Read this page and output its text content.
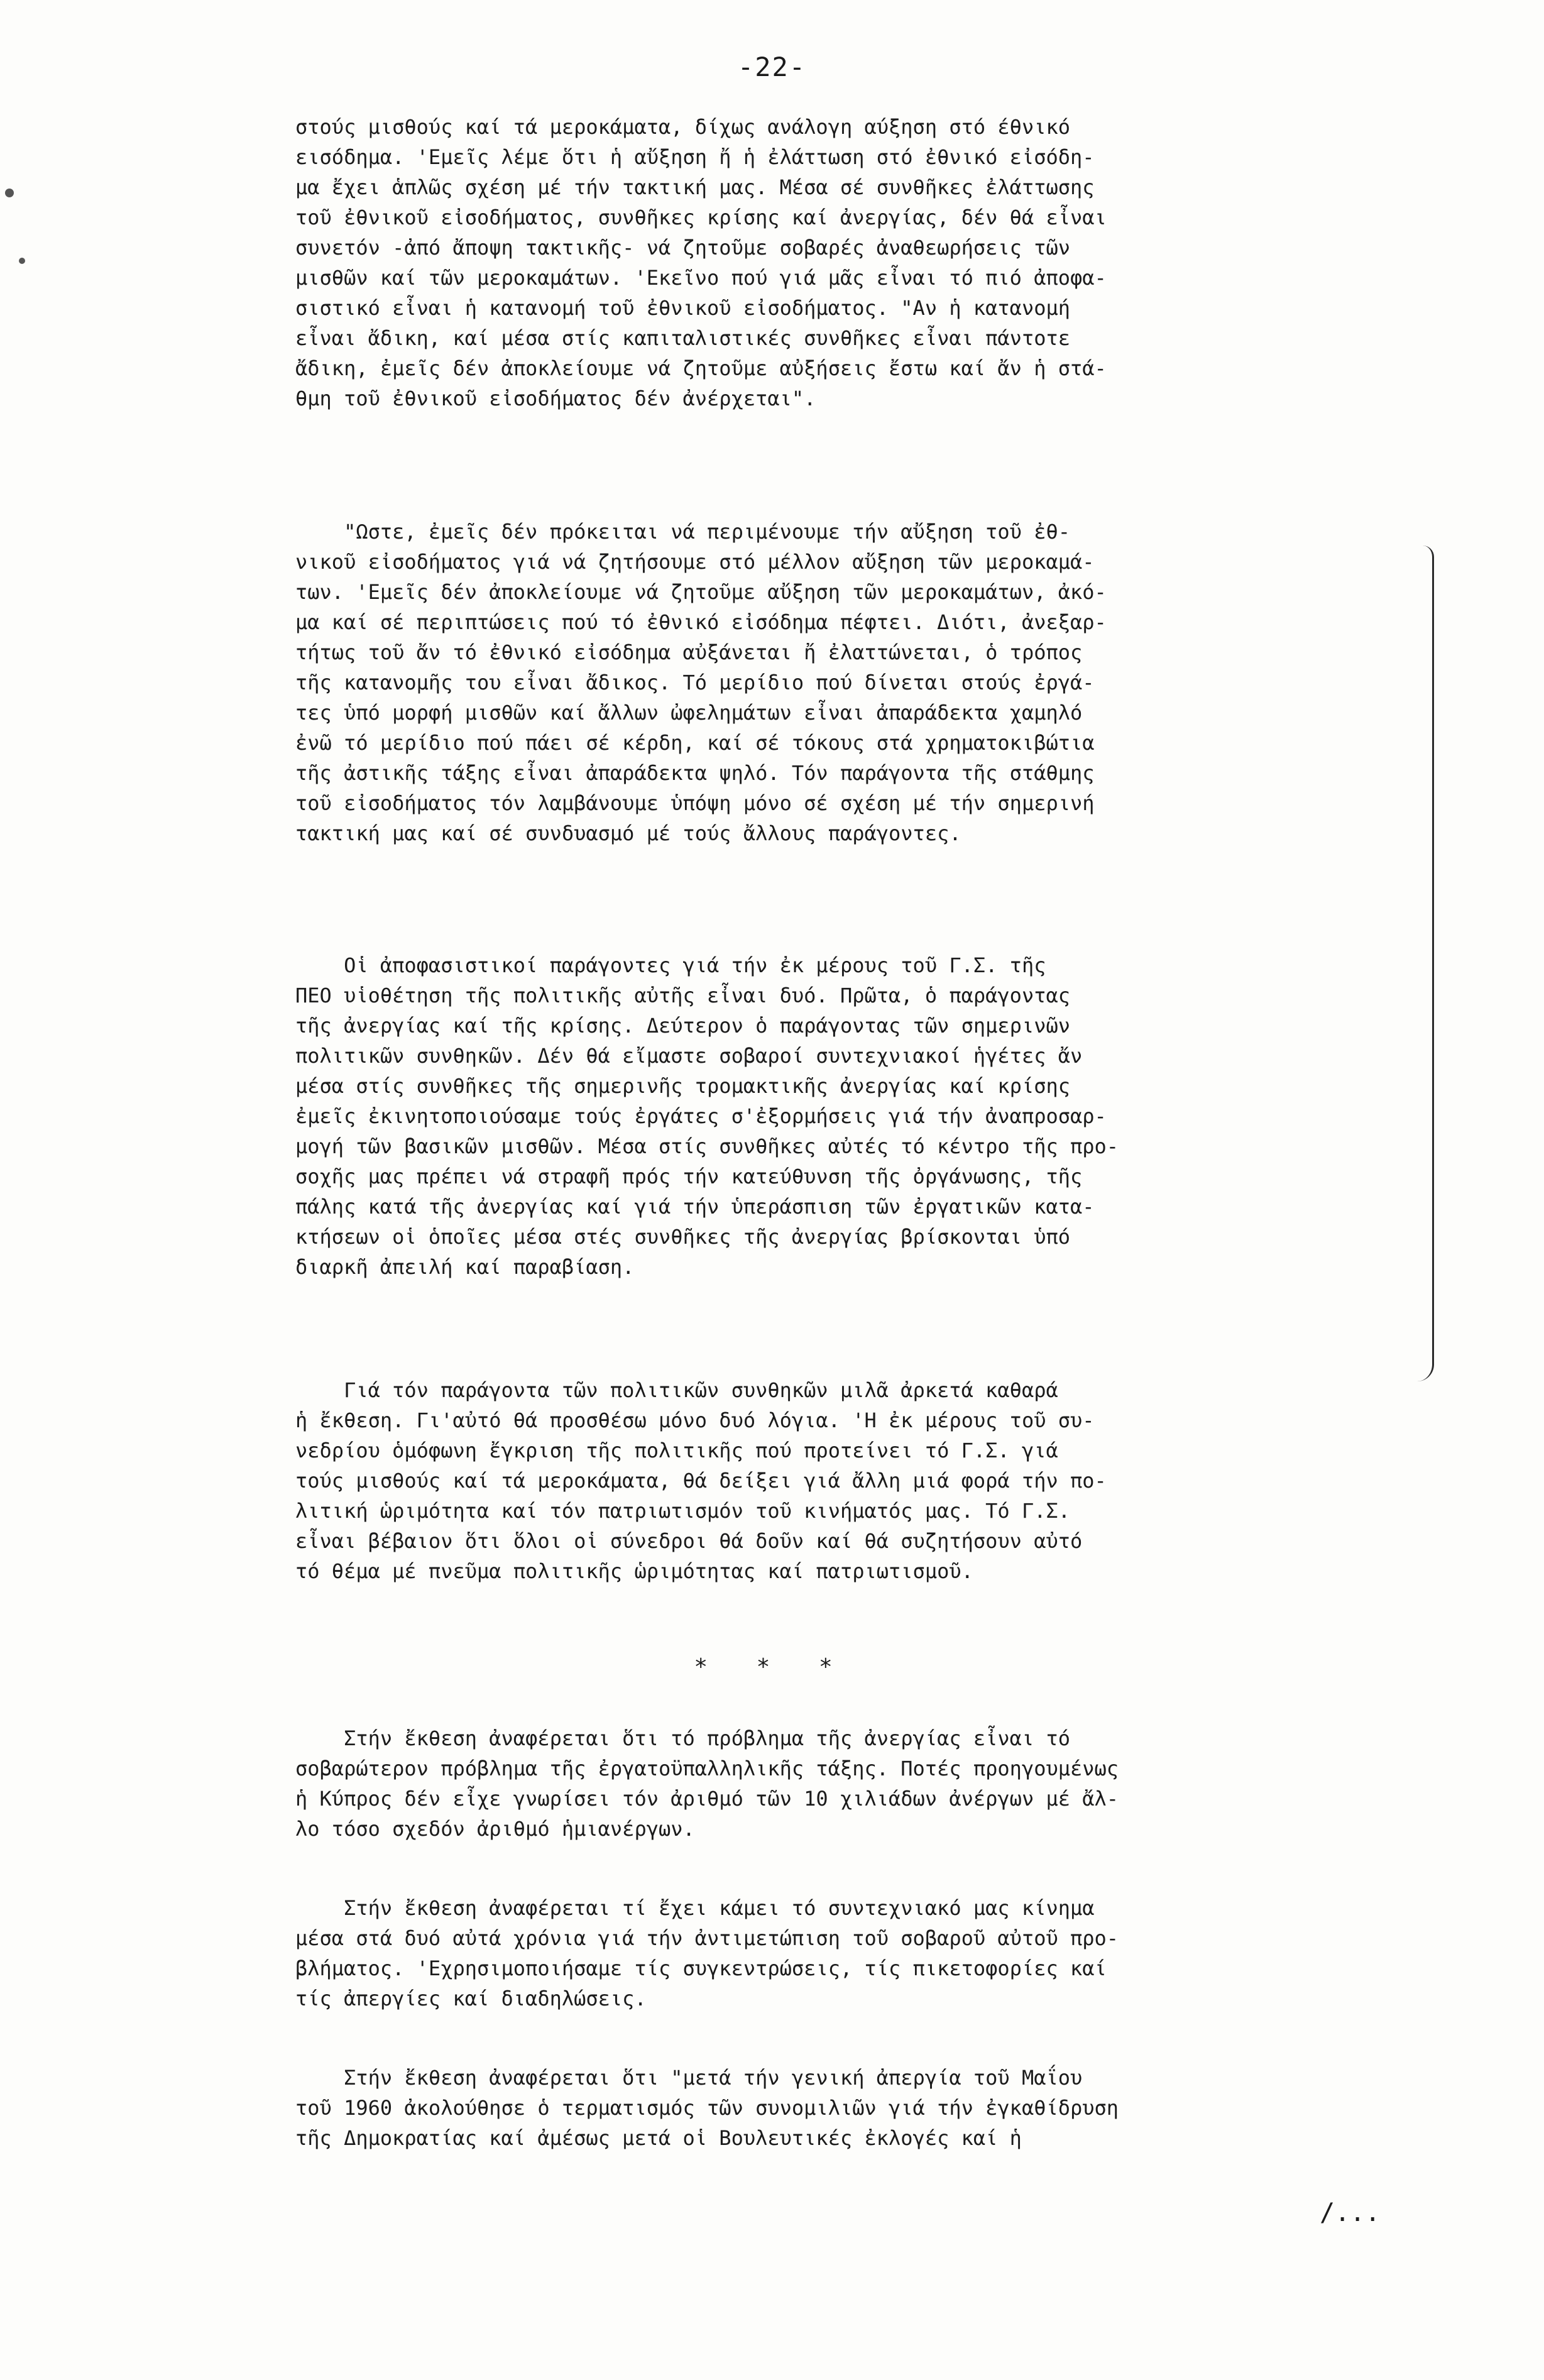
-22-
στούς μισθούς καί τά μεροκάματα, δίχως ανάλογη αύξηση στό έθνικό
εισόδημα. 'Εμεῖς λέμε ὅτι ἡ αὔξηση ἤ ἡ ἐλάττωση στό ἐθνικό εἰσόδη-
μα ἔχει ἁπλῶς σχέση μέ τήν τακτική μας. Μέσα σέ συνθῆκες ἐλάττωσης
τοῦ ἐθνικοῦ εἰσοδήματος, συνθῆκες κρίσης καί ἀνεργίας, δέν θά εἶναι
συνετόν -ἀπό ἄποψη τακτικῆς- νά ζητοῦμε σοβαρές ἀναθεωρήσεις τῶν
μισθῶν καί τῶν μεροκαμάτων. 'Εκεῖνο πού γιά μᾶς εἶναι τό πιό ἀποφα-
σιστικό εἶναι ἡ κατανομή τοῦ ἐθνικοῦ εἰσοδήματος. "Αν ἡ κατανομή
εἶναι ἄδικη, καί μέσα στίς καπιταλιστικές συνθῆκες εἶναι πάντοτε
ἄδικη, ἐμεῖς δέν ἀποκλείουμε νά ζητοῦμε αὐξήσεις ἔστω καί ἄν ἡ στά-
θμη τοῦ ἐθνικοῦ εἰσοδήματος δέν ἀνέρχεται".
"Ωστε, ἐμεῖς δέν πρόκειται νά περιμένουμε τήν αὔξηση τοῦ ἐθ-
νικοῦ εἰσοδήματος γιά νά ζητήσουμε στό μέλλον αὔξηση τῶν μεροκαμά-
των. 'Εμεῖς δέν ἀποκλείουμε νά ζητοῦμε αὔξηση τῶν μεροκαμάτων, ἀκό-
μα καί σέ περιπτώσεις πού τό ἐθνικό εἰσόδημα πέφτει. Διότι, ἀνεξαρ-
τήτως τοῦ ἄν τό ἐθνικό εἰσόδημα αὐξάνεται ἤ ἐλαττώνεται, ὁ τρόπος
τῆς κατανομῆς του εἶναι ἄδικος. Τό μερίδιο πού δίνεται στούς ἐργά-
τες ὑπό μορφή μισθῶν καί ἄλλων ὠφελημάτων εἶναι ἀπαράδεκτα χαμηλό
ἐνῶ τό μερίδιο πού πάει σέ κέρδη, καί σέ τόκους στά χρηματοκιβώτια
τῆς ἀστικῆς τάξης εἶναι ἀπαράδεκτα ψηλό. Τόν παράγοντα τῆς στάθμης
τοῦ εἰσοδήματος τόν λαμβάνουμε ὑπόψη μόνο σέ σχέση μέ τήν σημερινή
τακτική μας καί σέ συνδυασμό μέ τούς ἄλλους παράγοντες.
Οἱ ἀποφασιστικοί παράγοντες γιά τήν ἐκ μέρους τοῦ Γ.Σ. τῆς
ΠΕΟ υἱοθέτηση τῆς πολιτικῆς αὐτῆς εἶναι δυό. Πρῶτα, ὁ παράγοντας
τῆς ἀνεργίας καί τῆς κρίσης. Δεύτερον ὁ παράγοντας τῶν σημερινῶν
πολιτικῶν συνθηκῶν. Δέν θά εἴμαστε σοβαροί συντεχνιακοί ἡγέτες ἄν
μέσα στίς συνθῆκες τῆς σημερινῆς τρομακτικῆς ἀνεργίας καί κρίσης
ἐμεῖς ἐκινητοποιούσαμε τούς ἐργάτες σ'ἐξορμήσεις γιά τήν ἀναπροσαρ-
μογή τῶν βασικῶν μισθῶν. Μέσα στίς συνθῆκες αὐτές τό κέντρο τῆς προ-
σοχῆς μας πρέπει νά στραφῆ πρός τήν κατεύθυνση τῆς ὀργάνωσης, τῆς
πάλης κατά τῆς ἀνεργίας καί γιά τήν ὑπεράσπιση τῶν ἐργατικῶν κατα-
κτήσεων οἱ ὁποῖες μέσα στές συνθῆκες τῆς ἀνεργίας βρίσκονται ὑπό
διαρκῆ ἀπειλή καί παραβίαση.
Γιά τόν παράγοντα τῶν πολιτικῶν συνθηκῶν μιλᾶ ἀρκετά καθαρά
ἡ ἔκθεση. Γι'αὐτό θά προσθέσω μόνο δυό λόγια. 'Η ἐκ μέρους τοῦ συ-
νεδρίου ὁμόφωνη ἔγκριση τῆς πολιτικῆς πού προτείνει τό Γ.Σ. γιά
τούς μισθούς καί τά μεροκάματα, θά δείξει γιά ἄλλη μιά φορά τήν πο-
λιτική ὡριμότητα καί τόν πατριωτισμόν τοῦ κινήματός μας. Τό Γ.Σ.
εἶναι βέβαιον ὅτι ὅλοι οἱ σύνεδροι θά δοῦν καί θά συζητήσουν αὐτό
τό θέμα μέ πνεῦμα πολιτικῆς ὡριμότητας καί πατριωτισμοῦ.
* * *
Στήν ἔκθεση ἀναφέρεται ὅτι τό πρόβλημα τῆς ἀνεργίας εἶναι τό
σοβαρώτερον πρόβλημα τῆς ἐργατοϋπαλληλικῆς τάξης. Ποτές προηγουμένως
ἡ Κύπρος δέν εἶχε γνωρίσει τόν ἀριθμό τῶν 10 χιλιάδων ἀνέργων μέ ἄλ-
λο τόσο σχεδόν ἀριθμό ἡμιανέργων.
Στήν ἔκθεση ἀναφέρεται τί ἔχει κάμει τό συντεχνιακό μας κίνημα
μέσα στά δυό αὐτά χρόνια γιά τήν ἀντιμετώπιση τοῦ σοβαροῦ αὐτοῦ προ-
βλήματος. 'Εχρησιμοποιήσαμε τίς συγκεντρώσεις, τίς πικετοφορίες καί
τίς ἀπεργίες καί διαδηλώσεις.
Στήν ἔκθεση ἀναφέρεται ὅτι "μετά τήν γενική ἀπεργία τοῦ Μαΐου
τοῦ 1960 ἀκολούθησε ὁ τερματισμός τῶν συνομιλιῶν γιά τήν ἐγκαθίδρυση
τῆς Δημοκρατίας καί ἀμέσως μετά οἱ Βουλευτικές ἐκλογές καί ἡ
/...
